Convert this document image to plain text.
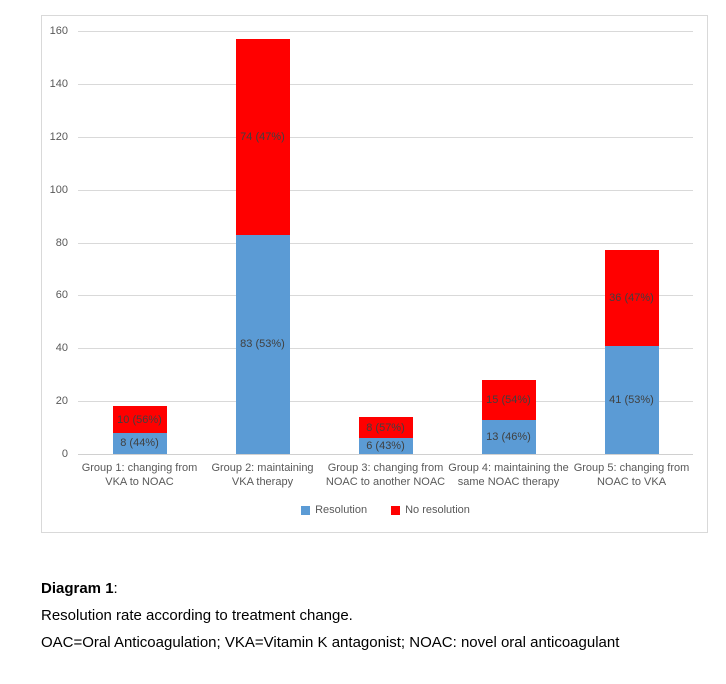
8 (44%)
10 (56%)
83 (53%)
74 (47%)
6 (43%)
8 (57%)
13 (46%)
15 (54%)	41 (53%)
36 (47%)
0
20
40
60
80
100
120
140
160
Group 1: changing from
VKA to NOAC
Group 2: maintaining
VKA therapy
Group 3: changing from
NOAC to another NOAC
Group 4: maintaining the
same NOAC therapy
Group 5: changing from
NOAC to VKA
Resolution	No resolution

Diagram 1:

Resolution rate according to treatment change.

OAC=Oral Anticoagulation; VKA=Vitamin K antagonist; NOAC: novel oral anticoagulant
